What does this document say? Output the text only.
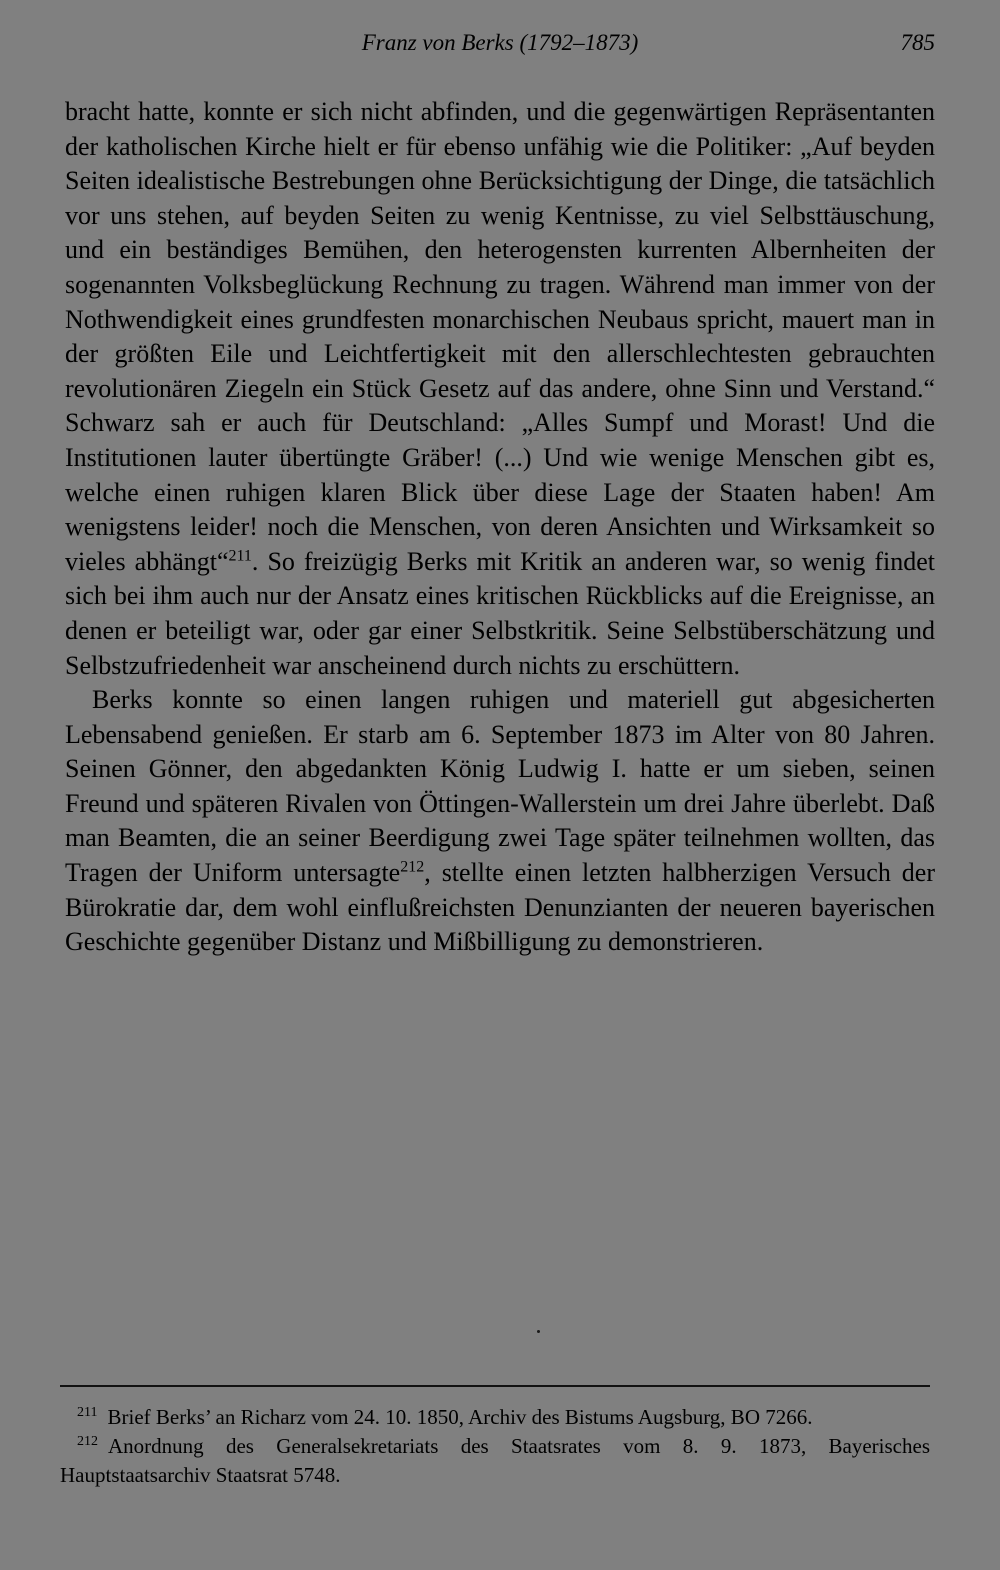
Franz von Berks (1792–1873)	785

bracht hatte, konnte er sich nicht abfinden, und die gegenwärtigen Repräsentanten der katholischen Kirche hielt er für ebenso unfähig wie die Politiker: „Auf beyden Seiten idealistische Bestrebungen ohne Berücksichtigung der Dinge, die tatsächlich vor uns stehen, auf beyden Seiten zu wenig Kentnisse, zu viel Selbsttäuschung, und ein beständiges Bemühen, den heterogensten kurrenten Albernheiten der sogenannten Volksbeglückung Rechnung zu tragen. Während man immer von der Nothwendigkeit eines grundfesten monarchischen Neubaus spricht, mauert man in der größten Eile und Leichtfertigkeit mit den allerschlechtesten gebrauchten revolutionären Ziegeln ein Stück Gesetz auf das andere, ohne Sinn und Verstand.“ Schwarz sah er auch für Deutschland: „Alles Sumpf und Morast! Und die Institutionen lauter übertüngte Gräber! (...) Und wie wenige Menschen gibt es, welche einen ruhigen klaren Blick über diese Lage der Staaten haben! Am wenigstens leider! noch die Menschen, von deren Ansichten und Wirksamkeit so vieles abhängt“$^{211}$. So freizügig Berks mit Kritik an anderen war, so wenig findet sich bei ihm auch nur der Ansatz eines kritischen Rückblicks auf die Ereignisse, an denen er beteiligt war, oder gar einer Selbstkritik. Seine Selbstüberschätzung und Selbstzufriedenheit war anscheinend durch nichts zu erschüttern.

Berks konnte so einen langen ruhigen und materiell gut abgesicherten Lebensabend genießen. Er starb am 6. September 1873 im Alter von 80 Jahren. Seinen Gönner, den abgedankten König Ludwig I. hatte er um sieben, seinen Freund und späteren Rivalen von Öttingen-Wallerstein um drei Jahre überlebt. Daß man Beamten, die an seiner Beerdigung zwei Tage später teilnehmen wollten, das Tragen der Uniform untersagte$^{212}$, stellte einen letzten halbherzigen Versuch der Bürokratie dar, dem wohl einflußreichsten Denunzianten der neueren bayerischen Geschichte gegenüber Distanz und Mißbilligung zu demonstrieren.

$^{211}$ Brief Berks’ an Richarz vom 24. 10. 1850, Archiv des Bistums Augsburg, BO 7266.

$^{212}$ Anordnung des Generalsekretariats des Staatsrates vom 8. 9. 1873, Bayerisches Hauptstaatsarchiv Staatsrat 5748.
